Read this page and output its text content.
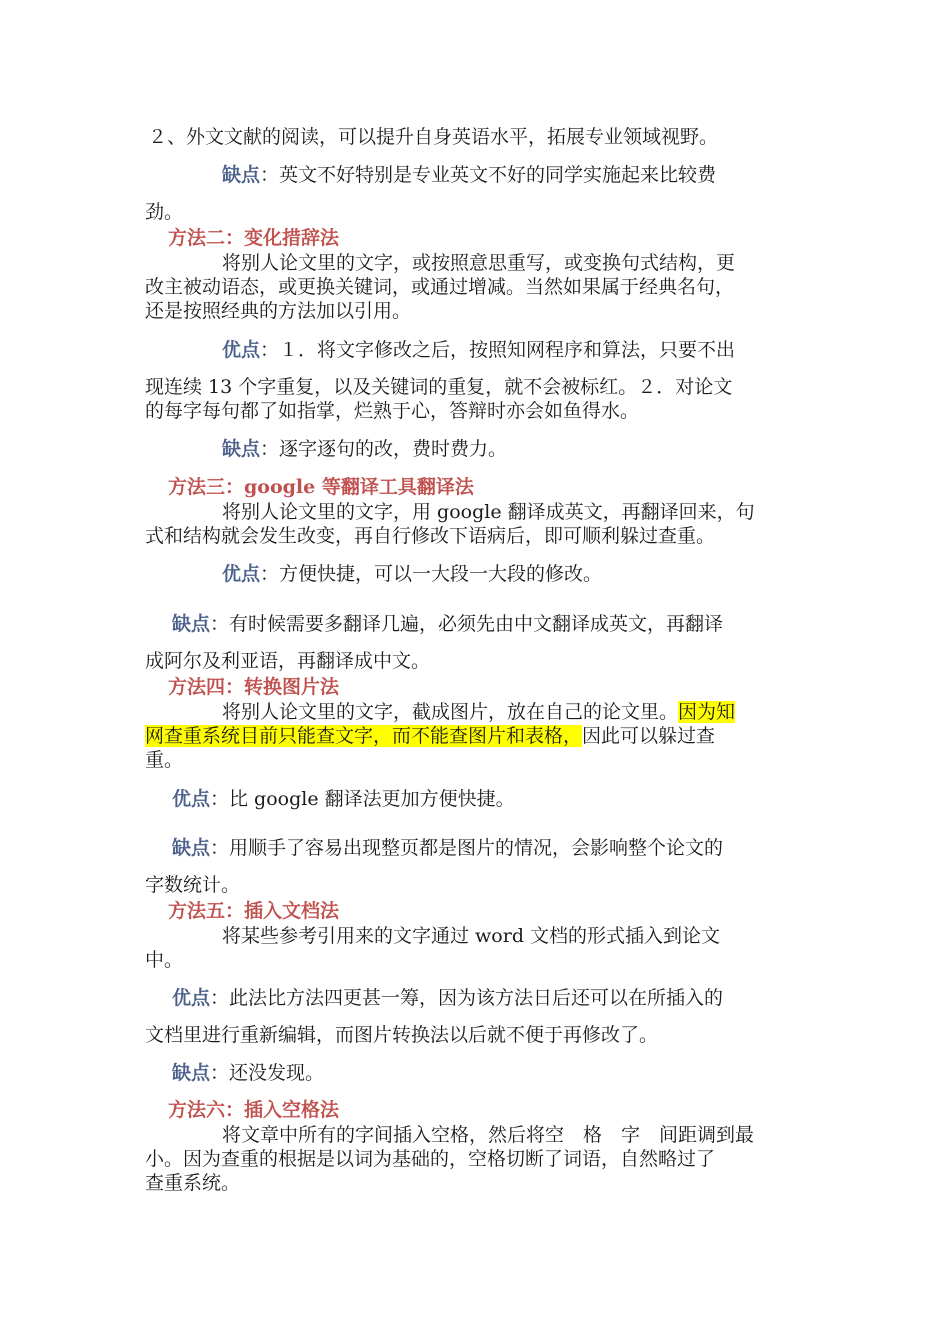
２、外文文献的阅读，可以提升自身英语水平，拓展专业领域视野。
缺点：英文不好特别是专业英文不好的同学实施起来比较费
劲。
方法二：变化措辞法
将别人论文里的文字，或按照意思重写，或变换句式结构，更
改主被动语态，或更换关键词，或通过增减。当然如果属于经典名句，
还是按照经典的方法加以引用。
优点：１．将文字修改之后，按照知网程序和算法，只要不出
现连续 13 个字重复，以及关键词的重复，就不会被标红。２．对论文
的每字每句都了如指掌，烂熟于心，答辩时亦会如鱼得水。
缺点：逐字逐句的改，费时费力。
方法三：google 等翻译工具翻译法
将别人论文里的文字，用 google 翻译成英文，再翻译回来，句
式和结构就会发生改变，再自行修改下语病后，即可顺利躲过查重。
优点：方便快捷，可以一大段一大段的修改。
缺点：有时候需要多翻译几遍，必须先由中文翻译成英文，再翻译
成阿尔及利亚语，再翻译成中文。
方法四：转换图片法
将别人论文里的文字，截成图片，放在自己的论文里。因为知
网查重系统目前只能查文字，而不能查图片和表格，因此可以躲过查
重。
优点：比 google 翻译法更加方便快捷。
缺点：用顺手了容易出现整页都是图片的情况，会影响整个论文的
字数统计。
方法五：插入文档法
将某些参考引用来的文字通过 word 文档的形式插入到论文
中。
优点：此法比方法四更甚一筹，因为该方法日后还可以在所插入的
文档里进行重新编辑，而图片转换法以后就不便于再修改了。
缺点：还没发现。
方法六：插入空格法
将文章中所有的字间插入空格，然后将空　格　字　间距调到最
小。因为查重的根据是以词为基础的，空格切断了词语，自然略过了
查重系统。
